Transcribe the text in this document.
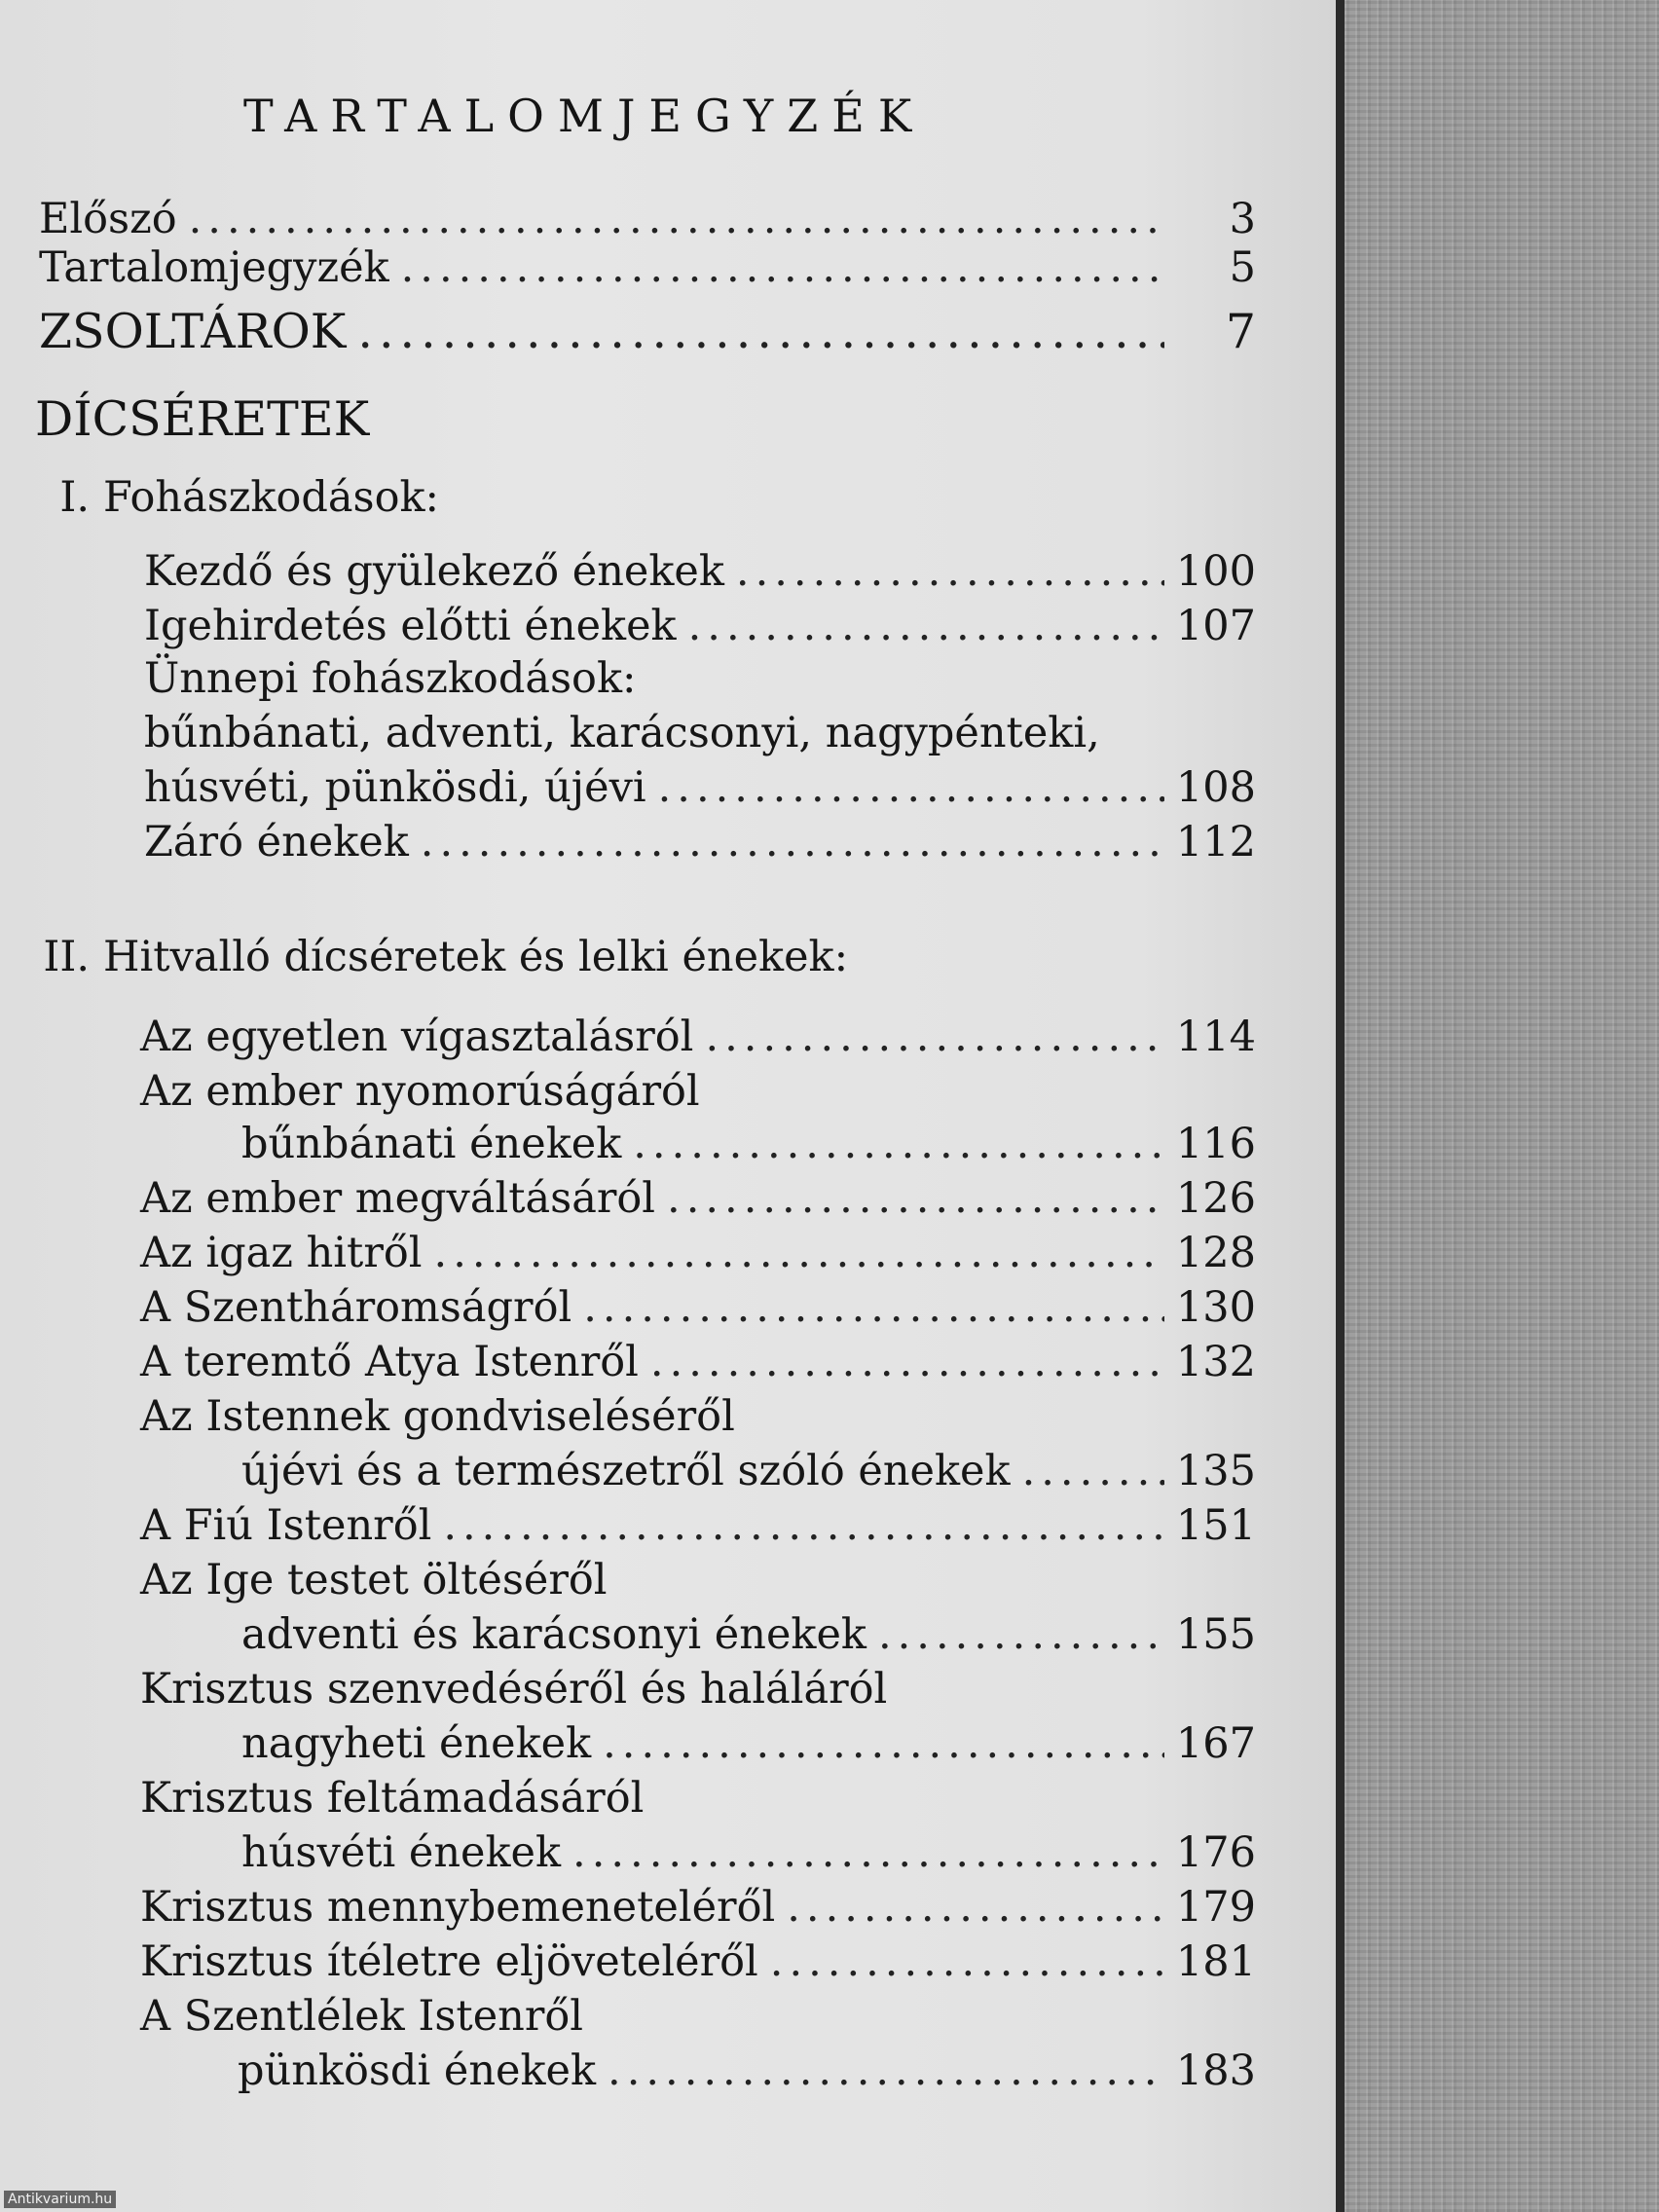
TARTALOMJEGYZÉK
Előszó .....	3
Tartalomjegyzék .....	5
ZSOLTÁROK .....	7
DÍCSÉRETEK
I. Fohászkodások:
Kezdő és gyülekező énekek .....	100
Igehirdetés előtti énekek .....	107
Ünnepi fohászkodások:
bűnbánati, adventi, karácsonyi, nagypénteki,
húsvéti, pünkösdi, újévi .....	108
Záró énekek .....	112
II. Hitvalló dícséretek és lelki énekek:
Az egyetlen vígasztalásról .....	114
Az ember nyomorúságáról
bűnbánati énekek .....	116
Az ember megváltásáról .....	126
Az igaz hitről .....	128
A Szentháromságról .....	130
A teremtő Atya Istenről .....	132
Az Istennek gondviseléséről
újévi és a természetről szóló énekek .....	135
A Fiú Istenről .....	151
Az Ige testet öltéséről
adventi és karácsonyi énekek .....	155
Krisztus szenvedéséről és haláláról
nagyheti énekek .....	167
Krisztus feltámadásáról
húsvéti énekek .....	176
Krisztus mennybemeneteléről .....	179
Krisztus ítéletre eljöveteléről .....	181
A Szentlélek Istenről
pünkösdi énekek .....	183
Antikvarium.hu
